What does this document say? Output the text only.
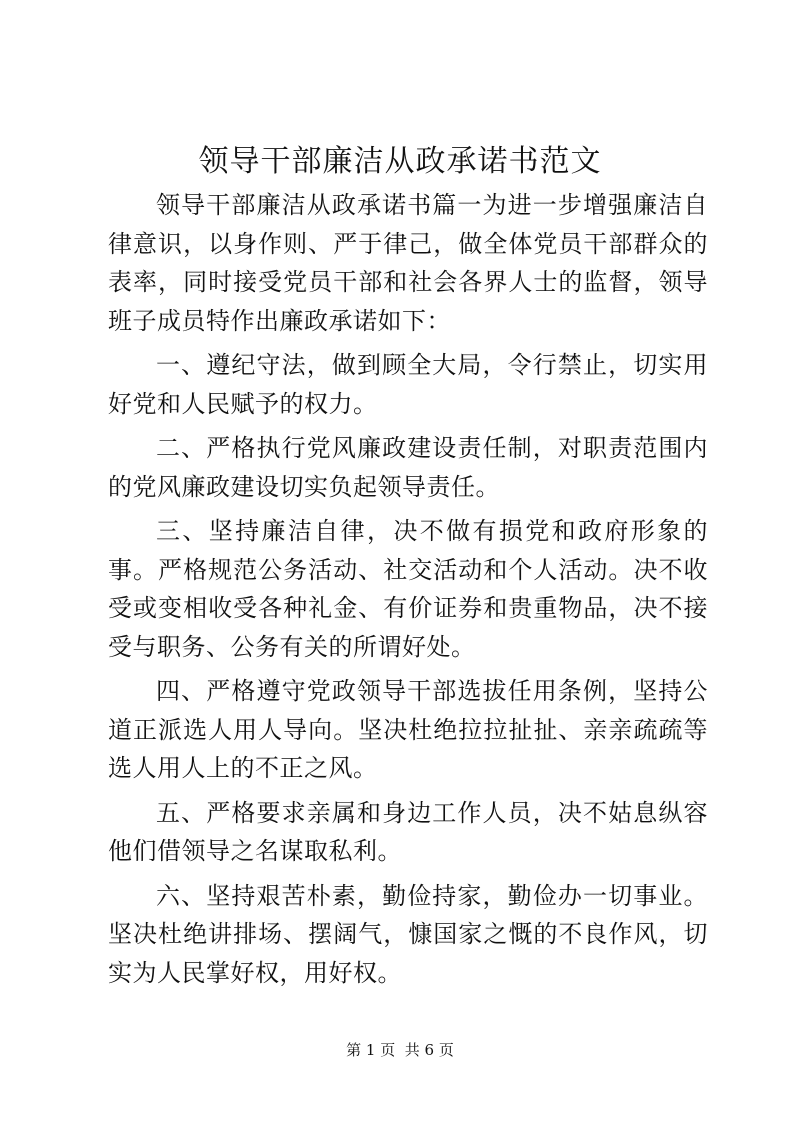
领导干部廉洁从政承诺书范文

领导干部廉洁从政承诺书篇一为进一步增强廉洁自律意识，以身作则、严于律己，做全体党员干部群众的表率，同时接受党员干部和社会各界人士的监督，领导班子成员特作出廉政承诺如下：

一、遵纪守法，做到顾全大局，令行禁止，切实用好党和人民赋予的权力。

二、严格执行党风廉政建设责任制，对职责范围内的党风廉政建设切实负起领导责任。

三、坚持廉洁自律，决不做有损党和政府形象的事。严格规范公务活动、社交活动和个人活动。决不收受或变相收受各种礼金、有价证券和贵重物品，决不接受与职务、公务有关的所谓好处。

四、严格遵守党政领导干部选拔任用条例，坚持公道正派选人用人导向。坚决杜绝拉拉扯扯、亲亲疏疏等选人用人上的不正之风。

五、严格要求亲属和身边工作人员，决不姑息纵容他们借领导之名谋取私利。

六、坚持艰苦朴素，勤俭持家，勤俭办一切事业。坚决杜绝讲排场、摆阔气，慷国家之慨的不良作风，切实为人民掌好权，用好权。

第 1 页  共 6 页
